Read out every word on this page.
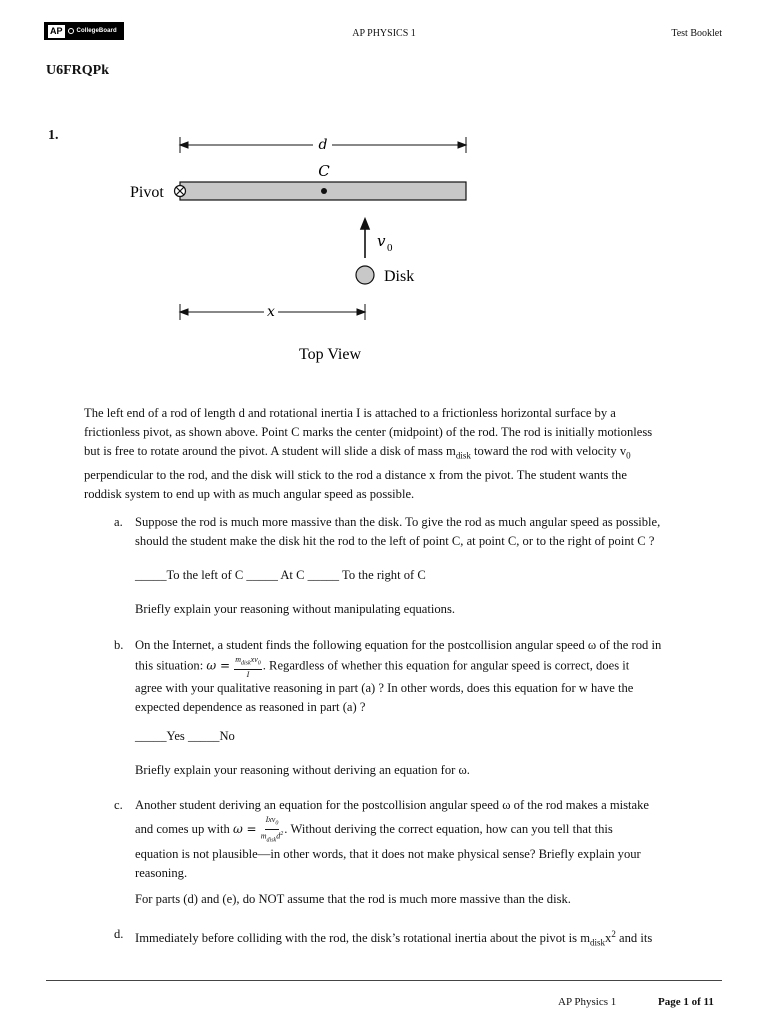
AP	CollegeBoard	AP PHYSICS 1	Test Booklet
U6FRQPk
1.
d
C
Pivot
v 0
Disk
x
Top View
The left end of a rod of length d and rotational inertia I is attached to a frictionless horizontal surface by a
frictionless pivot, as shown above. Point C marks the center (midpoint) of the rod. The rod is initially motionless
but is free to rotate around the pivot. A student will slide a disk of mass $m_{disk}$ toward the rod with velocity $v_0$
perpendicular to the rod, and the disk will stick to the rod a distance x from the pivot. The student wants the
roddisk system to end up with as much angular speed as possible.
a. Suppose the rod is much more massive than the disk. To give the rod as much angular speed as possible,
should the student make the disk hit the rod to the left of point C, at point C, or to the right of point C ?
_____To the left of C _____ At C _____ To the right of C
Briefly explain your reasoning without manipulating equations.
b. On the Internet, a student finds the following equation for the postcollision angular speed ω of the rod in
this situation: $\omega = \frac{m_{disk}xv_0}{I}$ . Regardless of whether this equation for angular speed is correct, does it
agree with your qualitative reasoning in part (a) ? In other words, does this equation for w have the
expected dependence as reasoned in part (a) ?
_____Yes _____No
Briefly explain your reasoning without deriving an equation for ω.
c. Another student deriving an equation for the postcollision angular speed ω of the rod makes a mistake
and comes up with $\omega = \frac{Ixv_0}{m_{disk}d^2}$ . Without deriving the correct equation, how can you tell that this
equation is not plausible—in other words, that it does not make physical sense? Briefly explain your
reasoning.
For parts (d) and (e), do NOT assume that the rod is much more massive than the disk.
d. Immediately before colliding with the rod, the disk’s rotational inertia about the pivot is $m_{disk}x^2$ and its
AP Physics 1	Page 1 of 11
